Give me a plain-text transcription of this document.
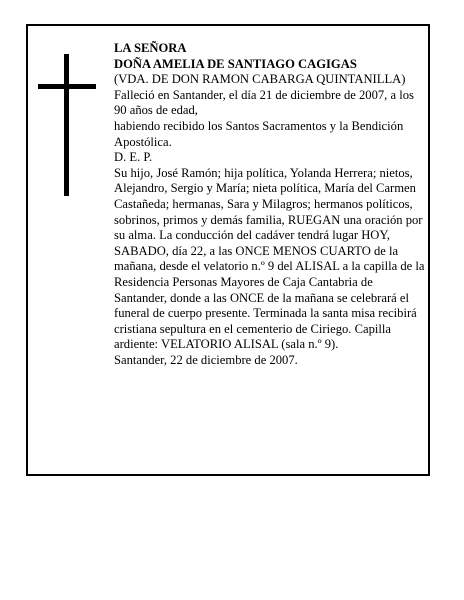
LA SEÑORA

DOÑA AMELIA DE SANTIAGO CAGIGAS

(VDA. DE DON RAMON CABARGA QUINTANILLA)

Falleció en Santander, el día 21 de diciembre de 2007, a los 90 años de edad,

habiendo recibido los Santos Sacramentos y la Bendición Apostólica.

D. E. P.

Su hijo, José Ramón; hija política, Yolanda Herrera; nietos, Alejandro, Sergio y María; nieta política, María del Carmen Castañeda; hermanas, Sara y Milagros; hermanos políticos, sobrinos, primos y demás familia, RUEGAN una oración por su alma. La conducción del cadáver tendrá lugar HOY, SABADO, día 22, a las ONCE MENOS CUARTO de la mañana, desde el velatorio n.º 9 del ALISAL a la capilla de la Residencia Personas Mayores de Caja Cantabria de Santander, donde a las ONCE de la mañana se celebrará el funeral de cuerpo presente. Terminada la santa misa recibirá cristiana sepultura en el cementerio de Ciriego. Capilla ardiente: VELATORIO ALISAL (sala n.º 9).

Santander, 22 de diciembre de 2007.
